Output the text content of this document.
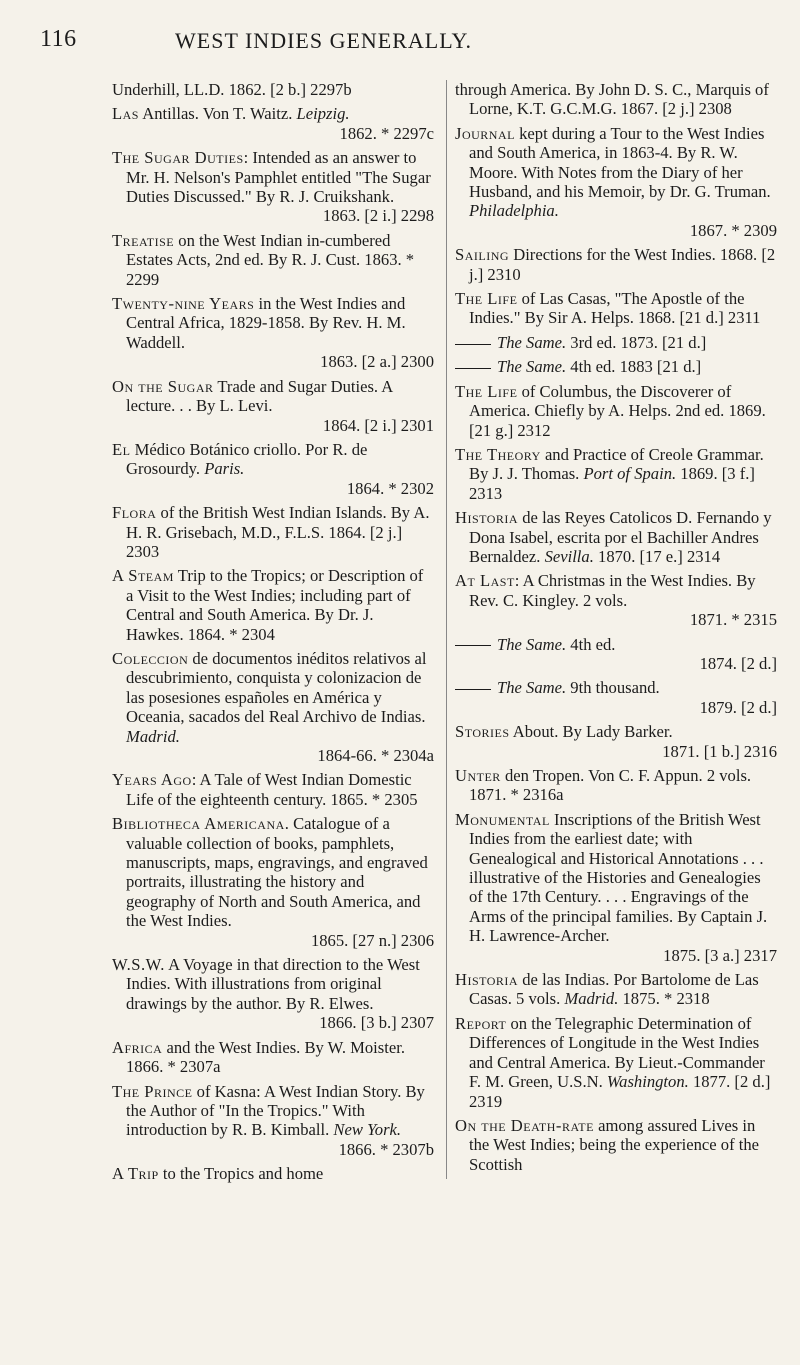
116	WEST INDIES GENERALLY.

Underhill, LL.D. 1862. [2 b.] 2297b

Las Antillas. Von T. Waitz. Leipzig.
1862. * 2297c

The Sugar Duties: Intended as an answer to Mr. H. Nelson's Pamphlet entitled "The Sugar Duties Discussed." By R. J. Cruikshank.
1863. [2 i.] 2298

Treatise on the West Indian in-cumbered Estates Acts, 2nd ed. By R. J. Cust. 1863. * 2299

Twenty-nine Years in the West Indies and Central Africa, 1829-1858. By Rev. H. M. Waddell.
1863. [2 a.] 2300

On the Sugar Trade and Sugar Duties. A lecture. . . By L. Levi.
1864. [2 i.] 2301

El Médico Botánico criollo. Por R. de Grosourdy. Paris.
1864. * 2302

Flora of the British West Indian Islands. By A. H. R. Grisebach, M.D., F.L.S. 1864. [2 j.] 2303

A Steam Trip to the Tropics; or Description of a Visit to the West Indies; including part of Central and South America. By Dr. J. Hawkes. 1864. * 2304

Coleccion de documentos inéditos relativos al descubrimiento, conquista y colonizacion de las posesiones españoles en América y Oceania, sacados del Real Archivo de Indias. Madrid.
1864-66. * 2304a

Years Ago: A Tale of West Indian Domestic Life of the eighteenth century. 1865. * 2305

Bibliotheca Americana. Catalogue of a valuable collection of books, pamphlets, manuscripts, maps, engravings, and engraved portraits, illustrating the history and geography of North and South America, and the West Indies.
1865. [27 n.] 2306

W.S.W. A Voyage in that direction to the West Indies. With illustrations from original drawings by the author. By R. Elwes.
1866. [3 b.] 2307

Africa and the West Indies. By W. Moister. 1866. * 2307a

The Prince of Kasna: A West Indian Story. By the Author of "In the Tropics." With introduction by R. B. Kimball. New York.
1866. * 2307b

A Trip to the Tropics and home

through America. By John D. S. C., Marquis of Lorne, K.T. G.C.M.G. 1867. [2 j.] 2308

Journal kept during a Tour to the West Indies and South America, in 1863-4. By R. W. Moore. With Notes from the Diary of her Husband, and his Memoir, by Dr. G. Truman. Philadelphia.
1867. * 2309

Sailing Directions for the West Indies. 1868. [2 j.] 2310

The Life of Las Casas, "The Apostle of the Indies." By Sir A. Helps. 1868. [21 d.] 2311

The Same. 3rd ed. 1873. [21 d.]

The Same. 4th ed. 1883 [21 d.]

The Life of Columbus, the Discoverer of America. Chiefly by A. Helps. 2nd ed. 1869. [21 g.] 2312

The Theory and Practice of Creole Grammar. By J. J. Thomas. Port of Spain. 1869. [3 f.] 2313

Historia de las Reyes Catolicos D. Fernando y Dona Isabel, escrita por el Bachiller Andres Bernaldez. Sevilla. 1870. [17 e.] 2314

At Last: A Christmas in the West Indies. By Rev. C. Kingley. 2 vols.
1871. * 2315

The Same. 4th ed.
1874. [2 d.]

The Same. 9th thousand.
1879. [2 d.]

Stories About. By Lady Barker.
1871. [1 b.] 2316

Unter den Tropen. Von C. F. Appun. 2 vols. 1871. * 2316a

Monumental Inscriptions of the British West Indies from the earliest date; with Genealogical and Historical Annotations . . . illustrative of the Histories and Genealogies of the 17th Century. . . . Engravings of the Arms of the principal families. By Captain J. H. Lawrence-Archer.
1875. [3 a.] 2317

Historia de las Indias. Por Bartolome de Las Casas. 5 vols. Madrid. 1875. * 2318

Report on the Telegraphic Determination of Differences of Longitude in the West Indies and Central America. By Lieut.-Commander F. M. Green, U.S.N. Washington. 1877. [2 d.] 2319

On the Death-rate among assured Lives in the West Indies; being the experience of the Scottish
